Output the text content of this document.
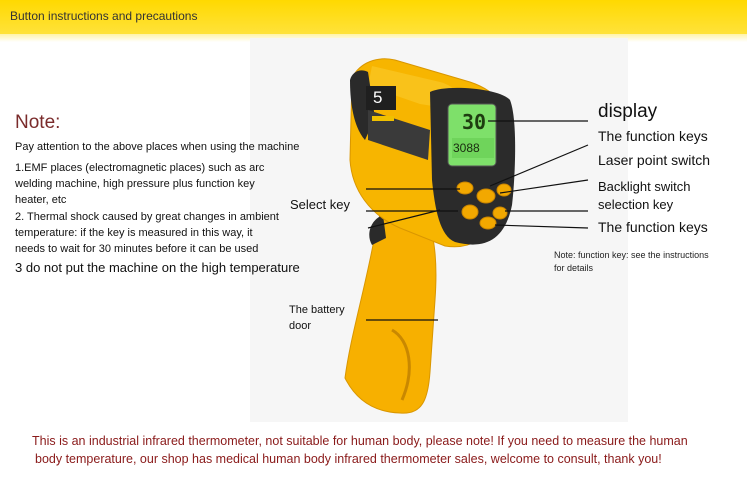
Button instructions and precautions
5
30
3088
Note:
Pay attention to the above places when using the machine
1.EMF places (electromagnetic places) such as arc
welding machine, high pressure plus function key
heater, etc
2. Thermal shock caused by great changes in ambient
temperature: if the key is measured in this way, it
needs to wait for 30 minutes before it can be used
3 do not put the machine on the high temperature
display
The function keys
Laser point switch
Backlight switch
selection key
The function keys
Note: function key: see the instructions
for details
Select key
The battery
door
This is an industrial infrared thermometer, not suitable for human body, please note! If you need to measure the human
body temperature, our shop has medical human body infrared thermometer sales, welcome to consult, thank you!
